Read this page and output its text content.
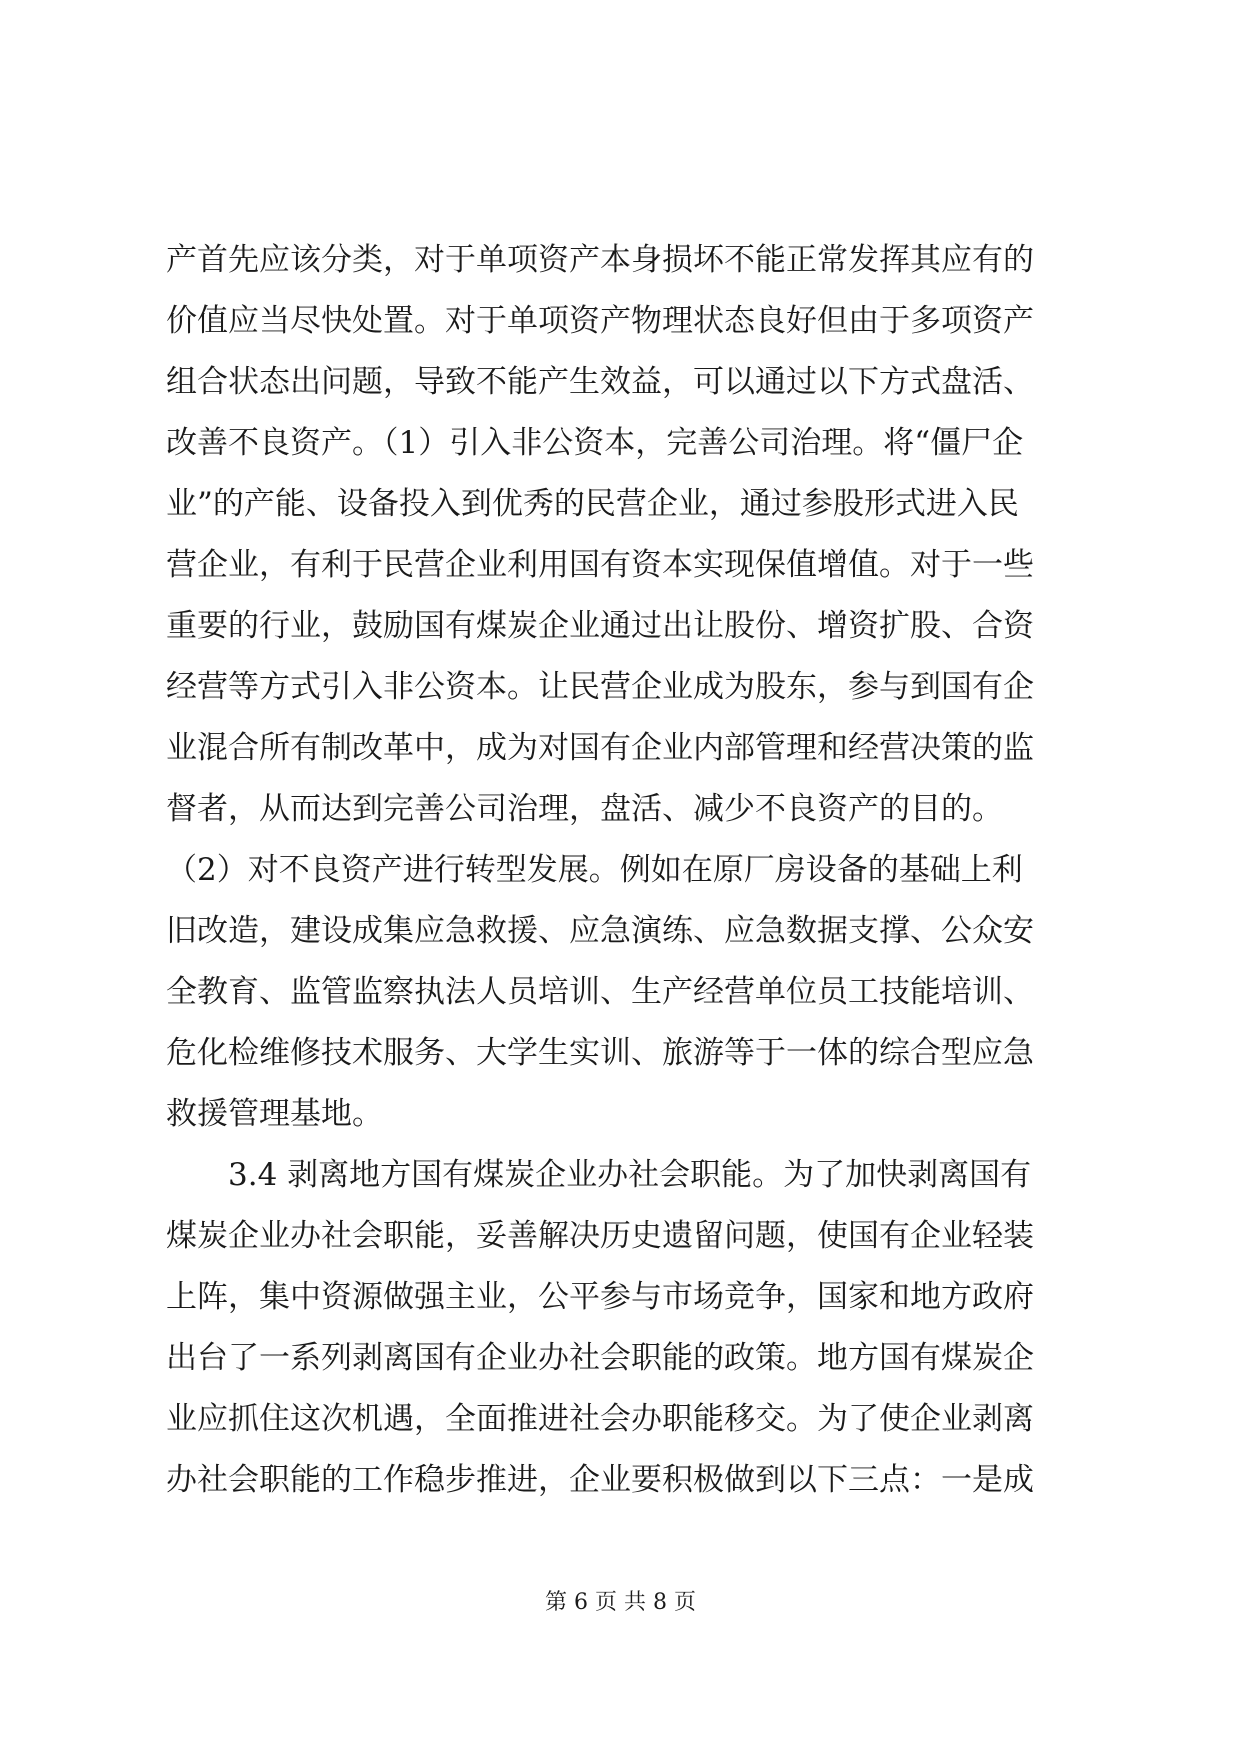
产首先应该分类，对于单项资产本身损坏不能正常发挥其应有的
价值应当尽快处置。对于单项资产物理状态良好但由于多项资产
组合状态出问题，导致不能产生效益，可以通过以下方式盘活、
改善不良资产。（1）引入非公资本，完善公司治理。将“僵尸企
业”的产能、设备投入到优秀的民营企业，通过参股形式进入民
营企业，有利于民营企业利用国有资本实现保值增值。对于一些
重要的行业，鼓励国有煤炭企业通过出让股份、增资扩股、合资
经营等方式引入非公资本。让民营企业成为股东，参与到国有企
业混合所有制改革中，成为对国有企业内部管理和经营决策的监
督者，从而达到完善公司治理，盘活、减少不良资产的目的。
（2）对不良资产进行转型发展。例如在原厂房设备的基础上利
旧改造，建设成集应急救援、应急演练、应急数据支撑、公众安
全教育、监管监察执法人员培训、生产经营单位员工技能培训、
危化检维修技术服务、大学生实训、旅游等于一体的综合型应急
救援管理基地。
3.4 剥离地方国有煤炭企业办社会职能。为了加快剥离国有
煤炭企业办社会职能，妥善解决历史遗留问题，使国有企业轻装
上阵，集中资源做强主业，公平参与市场竞争，国家和地方政府
出台了一系列剥离国有企业办社会职能的政策。地方国有煤炭企
业应抓住这次机遇，全面推进社会办职能移交。为了使企业剥离
办社会职能的工作稳步推进，企业要积极做到以下三点：一是成
第 6 页 共 8 页
